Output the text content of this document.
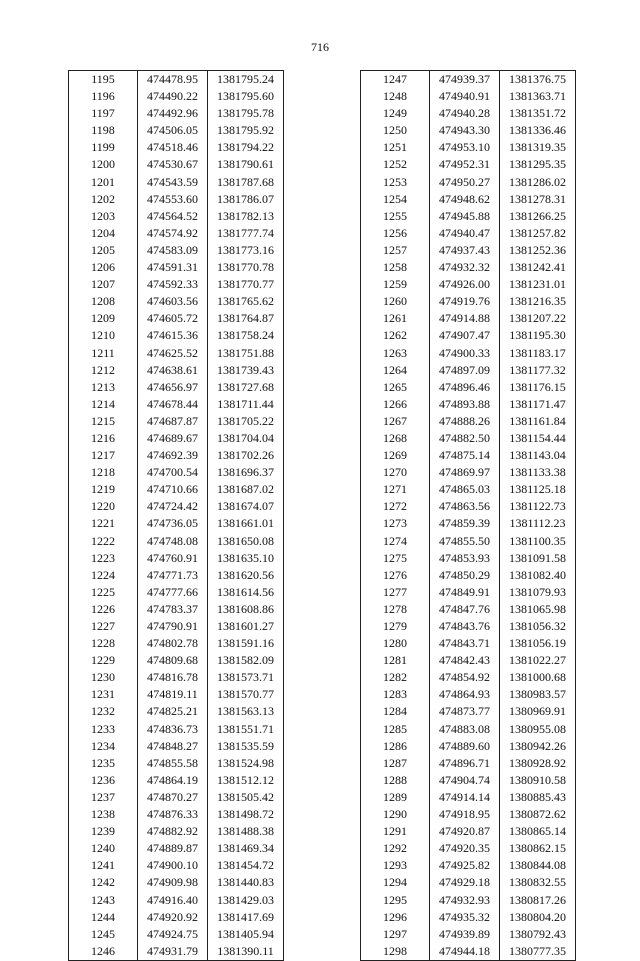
716
1195	474478.95	1381795.24
1196	474490.22	1381795.60
1197	474492.96	1381795.78
1198	474506.05	1381795.92
1199	474518.46	1381794.22
1200	474530.67	1381790.61
1201	474543.59	1381787.68
1202	474553.60	1381786.07
1203	474564.52	1381782.13
1204	474574.92	1381777.74
1205	474583.09	1381773.16
1206	474591.31	1381770.78
1207	474592.33	1381770.77
1208	474603.56	1381765.62
1209	474605.72	1381764.87
1210	474615.36	1381758.24
1211	474625.52	1381751.88
1212	474638.61	1381739.43
1213	474656.97	1381727.68
1214	474678.44	1381711.44
1215	474687.87	1381705.22
1216	474689.67	1381704.04
1217	474692.39	1381702.26
1218	474700.54	1381696.37
1219	474710.66	1381687.02
1220	474724.42	1381674.07
1221	474736.05	1381661.01
1222	474748.08	1381650.08
1223	474760.91	1381635.10
1224	474771.73	1381620.56
1225	474777.66	1381614.56
1226	474783.37	1381608.86
1227	474790.91	1381601.27
1228	474802.78	1381591.16
1229	474809.68	1381582.09
1230	474816.78	1381573.71
1231	474819.11	1381570.77
1232	474825.21	1381563.13
1233	474836.73	1381551.71
1234	474848.27	1381535.59
1235	474855.58	1381524.98
1236	474864.19	1381512.12
1237	474870.27	1381505.42
1238	474876.33	1381498.72
1239	474882.92	1381488.38
1240	474889.87	1381469.34
1241	474900.10	1381454.72
1242	474909.98	1381440.83
1243	474916.40	1381429.03
1244	474920.92	1381417.69
1245	474924.75	1381405.94
1246	474931.79	1381390.11
1247	474939.37	1381376.75
1248	474940.91	1381363.71
1249	474940.28	1381351.72
1250	474943.30	1381336.46
1251	474953.10	1381319.35
1252	474952.31	1381295.35
1253	474950.27	1381286.02
1254	474948.62	1381278.31
1255	474945.88	1381266.25
1256	474940.47	1381257.82
1257	474937.43	1381252.36
1258	474932.32	1381242.41
1259	474926.00	1381231.01
1260	474919.76	1381216.35
1261	474914.88	1381207.22
1262	474907.47	1381195.30
1263	474900.33	1381183.17
1264	474897.09	1381177.32
1265	474896.46	1381176.15
1266	474893.88	1381171.47
1267	474888.26	1381161.84
1268	474882.50	1381154.44
1269	474875.14	1381143.04
1270	474869.97	1381133.38
1271	474865.03	1381125.18
1272	474863.56	1381122.73
1273	474859.39	1381112.23
1274	474855.50	1381100.35
1275	474853.93	1381091.58
1276	474850.29	1381082.40
1277	474849.91	1381079.93
1278	474847.76	1381065.98
1279	474843.76	1381056.32
1280	474843.71	1381056.19
1281	474842.43	1381022.27
1282	474854.92	1381000.68
1283	474864.93	1380983.57
1284	474873.77	1380969.91
1285	474883.08	1380955.08
1286	474889.60	1380942.26
1287	474896.71	1380928.92
1288	474904.74	1380910.58
1289	474914.14	1380885.43
1290	474918.95	1380872.62
1291	474920.87	1380865.14
1292	474920.35	1380862.15
1293	474925.82	1380844.08
1294	474929.18	1380832.55
1295	474932.93	1380817.26
1296	474935.32	1380804.20
1297	474939.89	1380792.43
1298	474944.18	1380777.35
